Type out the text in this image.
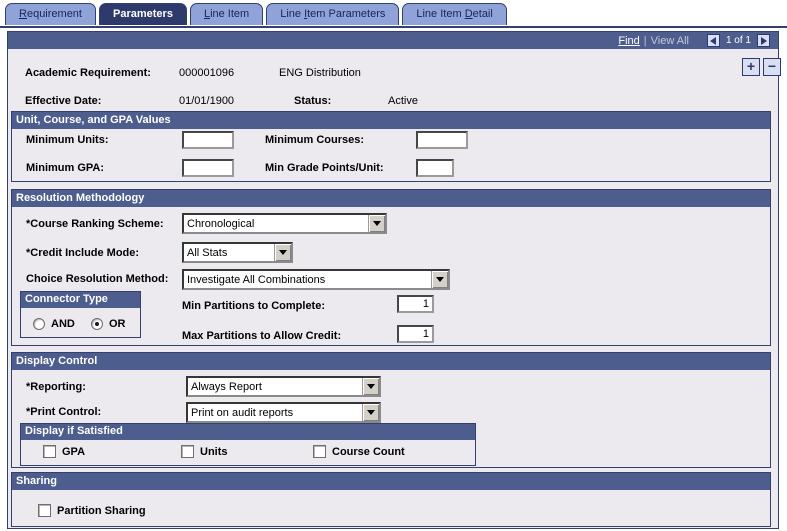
Requirement	Parameters	Line Item	Line Item Parameters	Line Item Detail
Find | View All	1 of 1
+ −
Academic Requirement:	000001096	ENG Distribution
Effective Date:	01/01/1900	Status:	Active
Unit, Course, and GPA Values
Minimum Units:	Minimum Courses:
Minimum GPA:	Min Grade Points/Unit:
Resolution Methodology
*Course Ranking Scheme: Chronological
*Credit Include Mode:	All Stats
Choice Resolution Method: Investigate All Combinations
Connector Type
AND	OR
Min Partitions to Complete:
1
Max Partitions to Allow Credit:
1
Display Control
*Reporting:	Always Report
*Print Control:	Print on audit reports
Display if Satisfied
GPA	Units	Course Count
Sharing
Partition Sharing
